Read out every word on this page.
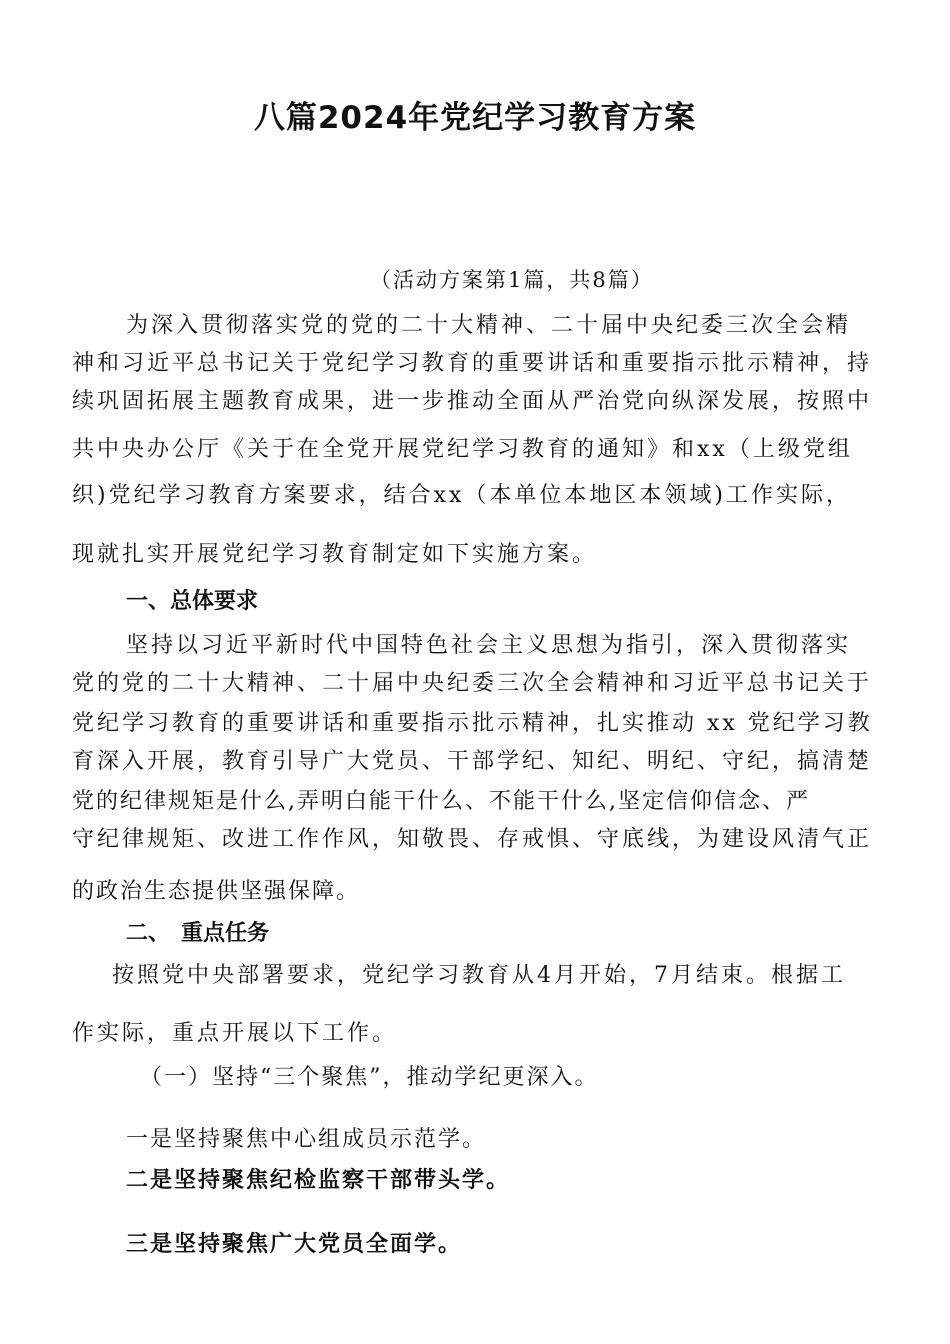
八篇2024年党纪学习教育方案
（活动方案第1篇，共8篇）
为深入贯彻落实党的党的二十大精神、二十届中央纪委三次全会精
神和习近平总书记关于党纪学习教育的重要讲话和重要指示批示精神，持
续巩固拓展主题教育成果，进一步推动全面从严治党向纵深发展，按照中
共中央办公厅《关于在全党开展党纪学习教育的通知》和xx（上级党组
织)党纪学习教育方案要求，结合xx（本单位本地区本领域)工作实际，
现就扎实开展党纪学习教育制定如下实施方案。
一、总体要求
坚持以习近平新时代中国特色社会主义思想为指引，深入贯彻落实
党的党的二十大精神、二十届中央纪委三次全会精神和习近平总书记关于
党纪学习教育的重要讲话和重要指示批示精神，扎实推动 xx 党纪学习教
育深入开展，教育引导广大党员、干部学纪、知纪、明纪、守纪，搞清楚
党的纪律规矩是什么,弄明白能干什么、不能干什么,坚定信仰信念、严
守纪律规矩、改进工作作风，知敬畏、存戒惧、守底线，为建设风清气正
的政治生态提供坚强保障。
二、　重点任务
按照党中央部署要求，党纪学习教育从4月开始，7月结束。根据工
作实际，重点开展以下工作。
（一）坚持“三个聚焦”，推动学纪更深入。
一是坚持聚焦中心组成员示范学。
二是坚持聚焦纪检监察干部带头学。
三是坚持聚焦广大党员全面学。
